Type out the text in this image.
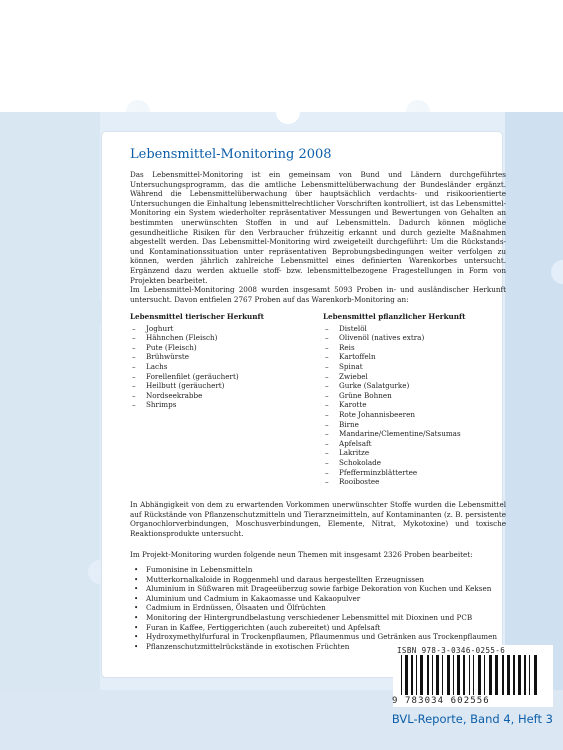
Lebensmittel-Monitoring 2008
Das Lebensmittel-Monitoring ist ein gemeinsam von Bund und Ländern durchgeführtes Untersuchungsprogramm, das die amtliche Lebensmittelüberwachung der Bundesländer ergänzt. Während die Lebensmittelüberwachung über hauptsächlich verdachts- und risikoorientierte Untersuchungen die Einhaltung lebensmittelrechtlicher Vorschriften kontrolliert, ist das Lebensmittel-Monitoring ein System wiederholter repräsentativer Messungen und Bewertungen von Gehalten an bestimmten unerwünschten Stoffen in und auf Lebensmitteln. Dadurch können mögliche gesundheitliche Risiken für den Verbraucher frühzeitig erkannt und durch gezielte Maßnahmen abgestellt werden. Das Lebensmittel-Monitoring wird zweigeteilt durchgeführt: Um die Rückstands- und Kontaminationssituation unter repräsentativen Beprobungsbedingungen weiter verfolgen zu können, werden jährlich zahlreiche Lebensmittel eines definierten Warenkorbes untersucht. Ergänzend dazu werden aktuelle stoff- bzw. lebensmittelbezogene Fragestellungen in Form von Projekten bearbeitet.
Im Lebensmittel-Monitoring 2008 wurden insgesamt 5093 Proben in- und ausländischer Herkunft untersucht. Davon entfielen 2767 Proben auf das Warenkorb-Monitoring an:
Lebensmittel tierischer Herkunft
– Joghurt
– Hähnchen (Fleisch)
– Pute (Fleisch)
– Brühwürste
– Lachs
– Forellenfilet (geräuchert)
– Heilbutt (geräuchert)
– Nordseekrabbe
– Shrimps
Lebensmittel pflanzlicher Herkunft
– Distelöl
– Olivenöl (natives extra)
– Reis
– Kartoffeln
– Spinat
– Zwiebel
– Gurke (Salatgurke)
– Grüne Bohnen
– Karotte
– Rote Johannisbeeren
– Birne
– Mandarine/Clementine/Satsumas
– Apfelsaft
– Lakritze
– Schokolade
– Pfefferminzblättertee
– Rooibostee
In Abhängigkeit von dem zu erwartenden Vorkommen unerwünschter Stoffe wurden die Lebensmittel auf Rückstände von Pflanzenschutzmitteln und Tierarzneimitteln, auf Kontaminanten (z. B. persistente Organochlorverbindungen, Moschusverbindungen, Elemente, Nitrat, Mykotoxine) und toxische Reaktionsprodukte untersucht.
Im Projekt-Monitoring wurden folgende neun Themen mit insgesamt 2326 Proben bearbeitet:
• Fumonisine in Lebensmitteln
• Mutterkornalkaloide in Roggenmehl und daraus hergestellten Erzeugnissen
• Aluminium in Süßwaren mit Drageeüberzug sowie farbige Dekoration von Kuchen und Keksen
• Aluminium und Cadmium in Kakaomasse und Kakaopulver
• Cadmium in Erdnüssen, Ölsaaten und Ölfrüchten
• Monitoring der Hintergrundbelastung verschiedener Lebensmittel mit Dioxinen und PCB
• Furan in Kaffee, Fertiggerichten (auch zubereitet) und Apfelsaft
• Hydroxymethylfurfural in Trockenpflaumen, Pflaumenmus und Getränken aus Trockenpflaumen
• Pflanzenschutzmittelrückstände in exotischen Früchten	ISBN 978-3-0346-0255-6
9 783034 602556
BVL-Reporte, Band 4, Heft 3
